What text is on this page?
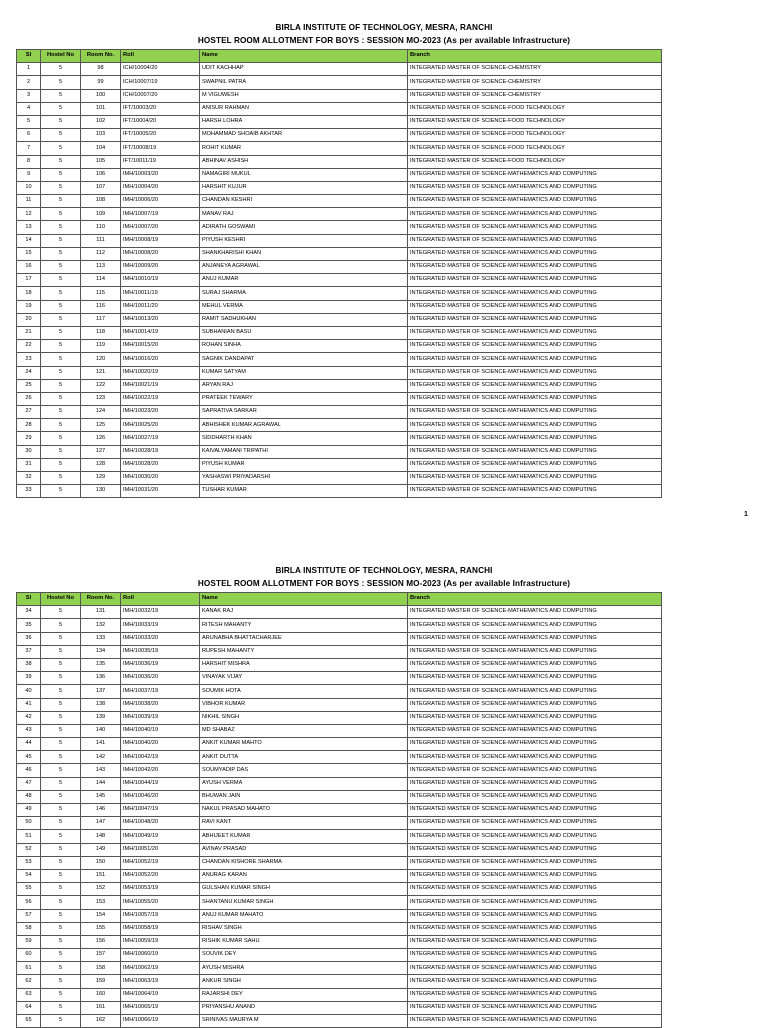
BIRLA INSTITUTE OF TECHNOLOGY, MESRA, RANCHI
HOSTEL ROOM ALLOTMENT FOR BOYS : SESSION MO-2023 (As per available Infrastructure)
Sl	Hostel No	Room No.	Roll	Name	Branch
1	5	98	ICH/10004/20	UDIT KACHHAP	INTEGRATED MASTER OF SCIENCE-CHEMISTRY
2	5	99	ICH/10007/19	SWAPNIL PATRA	INTEGRATED MASTER OF SCIENCE-CHEMISTRY
3	5	100	ICH/10007/20	M VIGUWESH	INTEGRATED MASTER OF SCIENCE-CHEMISTRY
4	5	101	IFT/10003/20	ANISUR RAHMAN	INTEGRATED MASTER OF SCIENCE-FOOD TECHNOLOGY
5	5	102	IFT/10004/20	HARSH LOHRA	INTEGRATED MASTER OF SCIENCE-FOOD TECHNOLOGY
6	5	103	IFT/10005/20	MOHAMMAD SHOAIB AKHTAR	INTEGRATED MASTER OF SCIENCE-FOOD TECHNOLOGY
7	5	104	IFT/10008/19	ROHIT KUMAR	INTEGRATED MASTER OF SCIENCE-FOOD TECHNOLOGY
8	5	105	IFT/10011/19	ABHINAV ASHISH	INTEGRATED MASTER OF SCIENCE-FOOD TECHNOLOGY
9	5	106	IMH/10003/20	NAMAGIRI MUKUL	INTEGRATED MASTER OF SCIENCE-MATHEMATICS AND COMPUTING
10	5	107	IMH/10004/20	HARSHIT KUJUR	INTEGRATED MASTER OF SCIENCE-MATHEMATICS AND COMPUTING
11	5	108	IMH/10006/20	CHANDAN KESHRI	INTEGRATED MASTER OF SCIENCE-MATHEMATICS AND COMPUTING
12	5	109	IMH/10007/19	MANAV RAJ	INTEGRATED MASTER OF SCIENCE-MATHEMATICS AND COMPUTING
13	5	110	IMH/10007/20	ADIRATH GOSWAMI	INTEGRATED MASTER OF SCIENCE-MATHEMATICS AND COMPUTING
14	5	111	IMH/10008/19	PIYUSH KESHRI	INTEGRATED MASTER OF SCIENCE-MATHEMATICS AND COMPUTING
15	5	112	IMH/10008/20	SHANKHARISHI KHAN	INTEGRATED MASTER OF SCIENCE-MATHEMATICS AND COMPUTING
16	5	113	IMH/10009/20	ANJANEYA AGRAWAL	INTEGRATED MASTER OF SCIENCE-MATHEMATICS AND COMPUTING
17	5	114	IMH/10010/19	ANUJ KUMAR	INTEGRATED MASTER OF SCIENCE-MATHEMATICS AND COMPUTING
18	5	115	IMH/10011/19	SURAJ SHARMA	INTEGRATED MASTER OF SCIENCE-MATHEMATICS AND COMPUTING
19	5	116	IMH/10011/20	MEHUL VERMA	INTEGRATED MASTER OF SCIENCE-MATHEMATICS AND COMPUTING
20	5	117	IMH/10013/20	RAMIT SADHUKHAN	INTEGRATED MASTER OF SCIENCE-MATHEMATICS AND COMPUTING
21	5	118	IMH/10014/19	SUBHANIAN BASU	INTEGRATED MASTER OF SCIENCE-MATHEMATICS AND COMPUTING
22	5	119	IMH/10015/20	ROHAN SINHA	INTEGRATED MASTER OF SCIENCE-MATHEMATICS AND COMPUTING
23	5	120	IMH/10016/20	SAGNIK DANDAPAT	INTEGRATED MASTER OF SCIENCE-MATHEMATICS AND COMPUTING
24	5	121	IMH/10020/19	KUMAR SATYAM	INTEGRATED MASTER OF SCIENCE-MATHEMATICS AND COMPUTING
25	5	122	IMH/10021/19	ARYAN RAJ	INTEGRATED MASTER OF SCIENCE-MATHEMATICS AND COMPUTING
26	5	123	IMH/10022/19	PRATEEK TEWARY	INTEGRATED MASTER OF SCIENCE-MATHEMATICS AND COMPUTING
27	5	124	IMH/10023/20	SAPRATIVA SARKAR	INTEGRATED MASTER OF SCIENCE-MATHEMATICS AND COMPUTING
28	5	125	IMH/10025/20	ABHISHEK KUMAR AGRAWAL	INTEGRATED MASTER OF SCIENCE-MATHEMATICS AND COMPUTING
29	5	126	IMH/10027/19	SIDDHARTH KHAN	INTEGRATED MASTER OF SCIENCE-MATHEMATICS AND COMPUTING
30	5	127	IMH/10028/19	KAIVALYAMANI TRIPATHI	INTEGRATED MASTER OF SCIENCE-MATHEMATICS AND COMPUTING
31	5	128	IMH/10028/20	PIYUSH KUMAR	INTEGRATED MASTER OF SCIENCE-MATHEMATICS AND COMPUTING
32	5	129	IMH/10030/20	YASHASWI PRIYADARSHI	INTEGRATED MASTER OF SCIENCE-MATHEMATICS AND COMPUTING
33	5	130	IMH/10031/20	TUSHAR KUMAR	INTEGRATED MASTER OF SCIENCE-MATHEMATICS AND COMPUTING
1
BIRLA INSTITUTE OF TECHNOLOGY, MESRA, RANCHI
HOSTEL ROOM ALLOTMENT FOR BOYS : SESSION MO-2023 (As per available Infrastructure)
Sl	Hostel No	Room No.	Roll	Name	Branch
34	5	131	IMH/10032/19	KANAK RAJ	INTEGRATED MASTER OF SCIENCE-MATHEMATICS AND COMPUTING
35	5	132	IMH/10033/19	RITESH MAHANTY	INTEGRATED MASTER OF SCIENCE-MATHEMATICS AND COMPUTING
36	5	133	IMH/10033/20	ARUNABHA BHATTACHARJEE	INTEGRATED MASTER OF SCIENCE-MATHEMATICS AND COMPUTING
37	5	134	IMH/10035/19	RUPESH MAHANTY	INTEGRATED MASTER OF SCIENCE-MATHEMATICS AND COMPUTING
38	5	135	IMH/10036/19	HARSHIT MISHRA	INTEGRATED MASTER OF SCIENCE-MATHEMATICS AND COMPUTING
39	5	136	IMH/10036/20	VINAYAK VIJAY	INTEGRATED MASTER OF SCIENCE-MATHEMATICS AND COMPUTING
40	5	137	IMH/10037/19	SOUMIK HOTA	INTEGRATED MASTER OF SCIENCE-MATHEMATICS AND COMPUTING
41	5	138	IMH/10038/20	VIBHOR KUMAR	INTEGRATED MASTER OF SCIENCE-MATHEMATICS AND COMPUTING
42	5	139	IMH/10039/19	NIKHIL SINGH	INTEGRATED MASTER OF SCIENCE-MATHEMATICS AND COMPUTING
43	5	140	IMH/10040/19	MD SHABAZ	INTEGRATED MASTER OF SCIENCE-MATHEMATICS AND COMPUTING
44	5	141	IMH/10040/20	ANKIT KUMAR MAHTO	INTEGRATED MASTER OF SCIENCE-MATHEMATICS AND COMPUTING
45	5	142	IMH/10042/19	ANKIT DUTTA	INTEGRATED MASTER OF SCIENCE-MATHEMATICS AND COMPUTING
46	5	143	IMH/10042/20	SOUMYADIP DAS	INTEGRATED MASTER OF SCIENCE-MATHEMATICS AND COMPUTING
47	5	144	IMH/10044/19	AYUSH VERMA	INTEGRATED MASTER OF SCIENCE-MATHEMATICS AND COMPUTING
48	5	145	IMH/10046/20	BHUWAN JAIN	INTEGRATED MASTER OF SCIENCE-MATHEMATICS AND COMPUTING
49	5	146	IMH/10047/19	NAKUL PRASAD MAHATO	INTEGRATED MASTER OF SCIENCE-MATHEMATICS AND COMPUTING
50	5	147	IMH/10048/20	RAVI KANT	INTEGRATED MASTER OF SCIENCE-MATHEMATICS AND COMPUTING
51	5	148	IMH/10049/19	ABHIJEET KUMAR	INTEGRATED MASTER OF SCIENCE-MATHEMATICS AND COMPUTING
52	5	149	IMH/10051/20	AVINAV PRASAD	INTEGRATED MASTER OF SCIENCE-MATHEMATICS AND COMPUTING
53	5	150	IMH/10052/19	CHANDAN KISHORE SHARMA	INTEGRATED MASTER OF SCIENCE-MATHEMATICS AND COMPUTING
54	5	151	IMH/10052/20	ANURAG KARAN	INTEGRATED MASTER OF SCIENCE-MATHEMATICS AND COMPUTING
55	5	152	IMH/10053/19	GULSHAN KUMAR SINGH	INTEGRATED MASTER OF SCIENCE-MATHEMATICS AND COMPUTING
56	5	153	IMH/10055/20	SHANTANU KUMAR SINGH	INTEGRATED MASTER OF SCIENCE-MATHEMATICS AND COMPUTING
57	5	154	IMH/10057/19	ANUJ KUMAR MAHATO	INTEGRATED MASTER OF SCIENCE-MATHEMATICS AND COMPUTING
58	5	155	IMH/10058/19	RISHAV SINGH	INTEGRATED MASTER OF SCIENCE-MATHEMATICS AND COMPUTING
59	5	156	IMH/10059/19	RISHIK KUMAR SAHU	INTEGRATED MASTER OF SCIENCE-MATHEMATICS AND COMPUTING
60	5	157	IMH/10060/19	SOUVIK DEY	INTEGRATED MASTER OF SCIENCE-MATHEMATICS AND COMPUTING
61	5	158	IMH/10062/19	AYUSH MISHRA	INTEGRATED MASTER OF SCIENCE-MATHEMATICS AND COMPUTING
62	5	159	IMH/10063/19	ANKUR SINGH	INTEGRATED MASTER OF SCIENCE-MATHEMATICS AND COMPUTING
63	5	160	IMH/10064/19	RAJARSHI DEY	INTEGRATED MASTER OF SCIENCE-MATHEMATICS AND COMPUTING
64	5	161	IMH/10065/19	PRIYANSHU ANAND	INTEGRATED MASTER OF SCIENCE-MATHEMATICS AND COMPUTING
65	5	162	IMH/10066/19	SRINIVAS MAURYA M	INTEGRATED MASTER OF SCIENCE-MATHEMATICS AND COMPUTING
